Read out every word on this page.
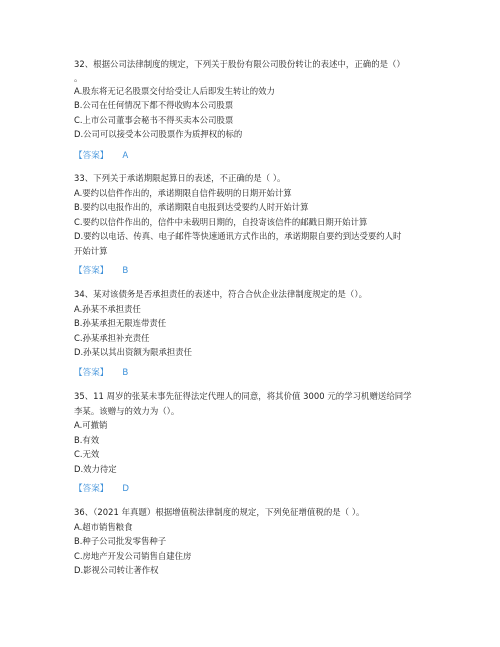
32、根据公司法律制度的规定，下列关于股份有限公司股份转让的表述中，正确的是（）
。
A.股东将无记名股票交付给受让人后即发生转让的效力
B.公司在任何情况下都不得收购本公司股票
C.上市公司董事会秘书不得买卖本公司股票
D.公司可以接受本公司股票作为质押权的标的
【答案】 A
33、下列关于承诺期限起算日的表述，不正确的是（ ）。
A.要约以信件作出的，承诺期限自信件载明的日期开始计算
B.要约以电报作出的，承诺期限自电报到达受要约人时开始计算
C.要约以信件作出的，信件中未载明日期的，自投寄该信件的邮戳日期开始计算
D.要约以电话、传真、电子邮件等快速通讯方式作出的，承诺期限自要约到达受要约人时
开始计算
【答案】 B
34、某对该债务是否承担责任的表述中，符合合伙企业法律制度规定的是（）。
A.孙某不承担责任
B.孙某承担无限连带责任
C.孙某承担补充责任
D.孙某以其出资额为限承担责任
【答案】 B
35、11 周岁的张某未事先征得法定代理人的同意，将其价值 3000 元的学习机赠送给同学
李某。该赠与的效力为（）。
A.可撤销
B.有效
C.无效
D.效力待定
【答案】 D
36、（2021 年真题）根据增值税法律制度的规定，下列免征增值税的是（ ）。
A.超市销售粮食
B.种子公司批发零售种子
C.房地产开发公司销售自建住房
D.影视公司转让著作权
